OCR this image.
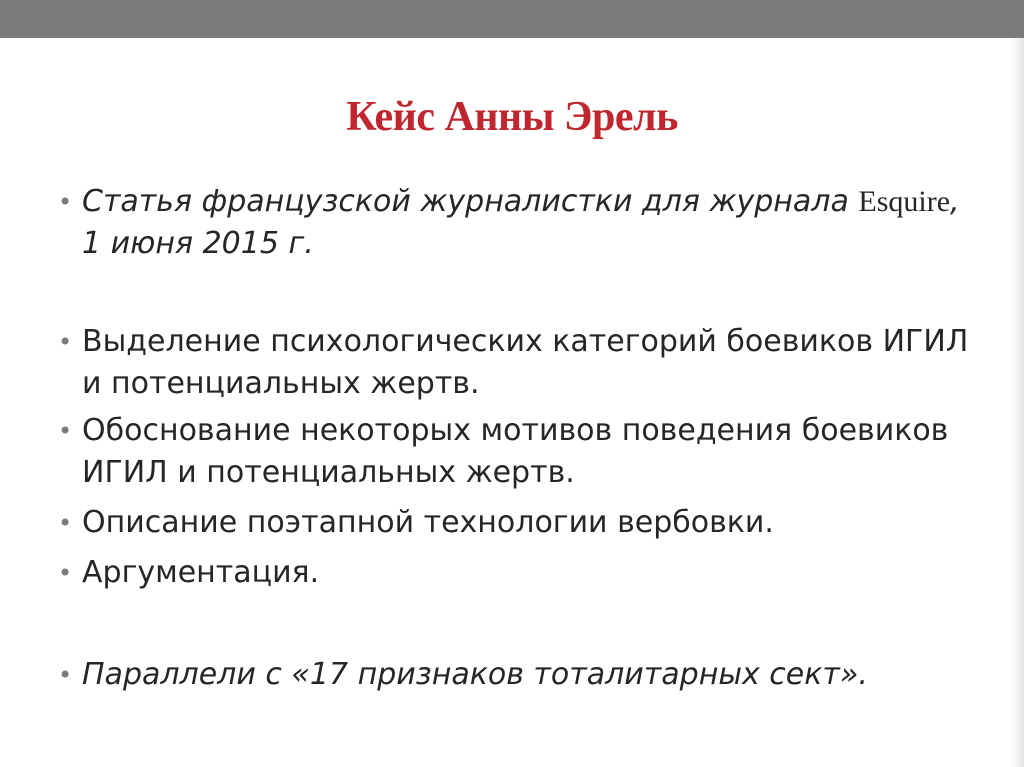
Кейс Анны Эрель
• Статья французской журналистки для журнала Esquire,
1 июня 2015 г.
• Выделение психологических категорий боевиков ИГИЛ и потенциальных жертв.
• Обоснование некоторых мотивов поведения боевиков ИГИЛ и потенциальных жертв.
• Описание поэтапной технологии вербовки.
• Аргументация.
• Параллели с «17 признаков тоталитарных сект».
